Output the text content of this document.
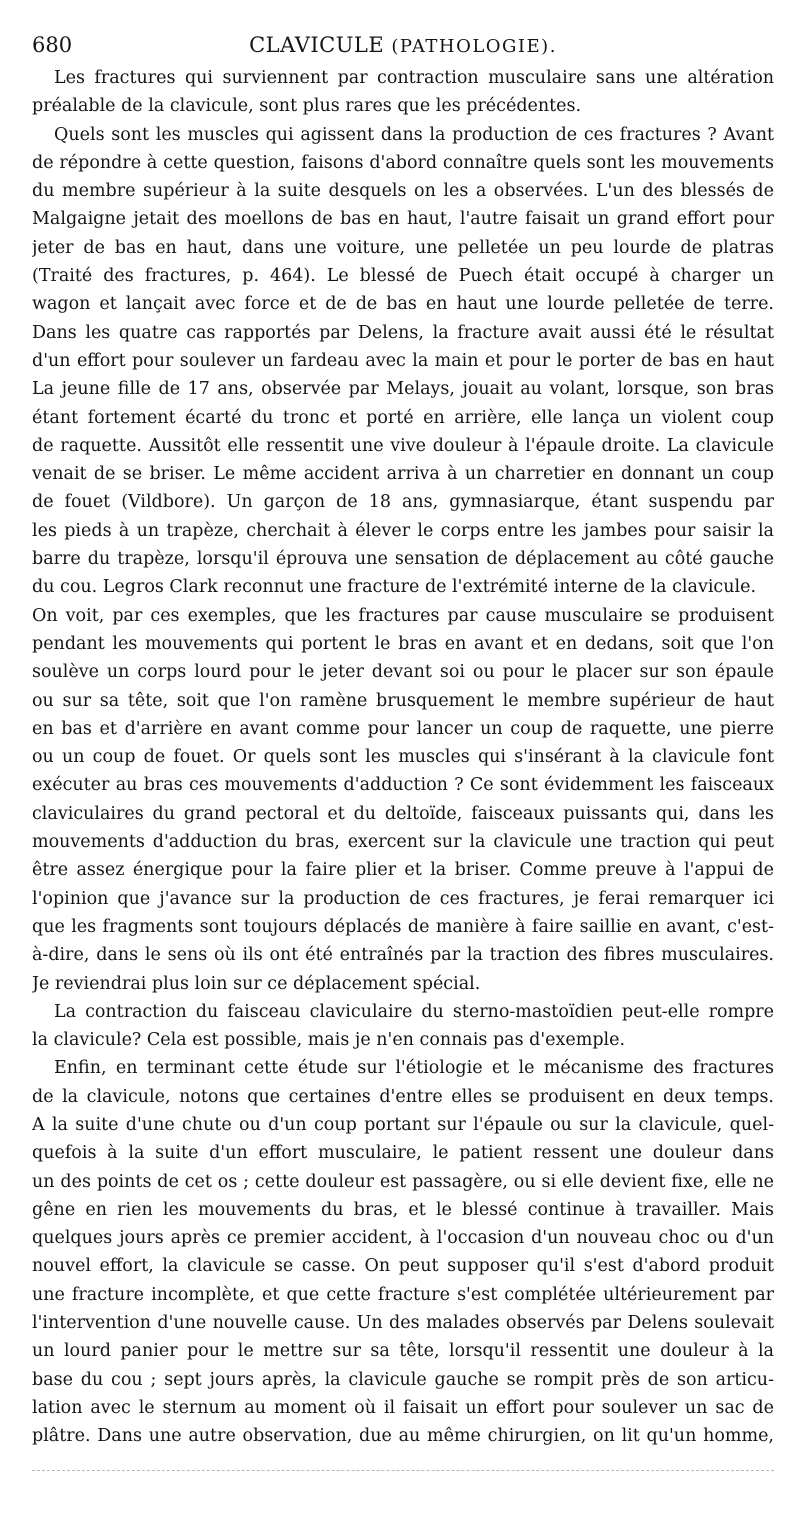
680	CLAVICULE (PATHOLOGIE).
Les fractures qui surviennent par contraction musculaire sans une altération
préalable de la clavicule, sont plus rares que les précédentes.
Quels sont les muscles qui agissent dans la production de ces fractures ? Avant
de répondre à cette question, faisons d'abord connaître quels sont les mouvements
du membre supérieur à la suite desquels on les a observées. L'un des blessés de
Malgaigne jetait des moellons de bas en haut, l'autre faisait un grand effort pour
jeter de bas en haut, dans une voiture, une pelletée un peu lourde de platras
(Traité des fractures, p. 464). Le blessé de Puech était occupé à charger un
wagon et lançait avec force et de de bas en haut une lourde pelletée de terre.
Dans les quatre cas rapportés par Delens, la fracture avait aussi été le résultat
d'un effort pour soulever un fardeau avec la main et pour le porter de bas en haut
La jeune fille de 17 ans, observée par Melays, jouait au volant, lorsque, son bras
étant fortement écarté du tronc et porté en arrière, elle lança un violent coup
de raquette. Aussitôt elle ressentit une vive douleur à l'épaule droite. La clavicule
venait de se briser. Le même accident arriva à un charretier en donnant un coup
de fouet (Vildbore). Un garçon de 18 ans, gymnasiarque, étant suspendu par
les pieds à un trapèze, cherchait à élever le corps entre les jambes pour saisir la
barre du trapèze, lorsqu'il éprouva une sensation de déplacement au côté gauche
du cou. Legros Clark reconnut une fracture de l'extrémité interne de la clavicule.
On voit, par ces exemples, que les fractures par cause musculaire se produisent
pendant les mouvements qui portent le bras en avant et en dedans, soit que l'on
soulève un corps lourd pour le jeter devant soi ou pour le placer sur son épaule
ou sur sa tête, soit que l'on ramène brusquement le membre supérieur de haut
en bas et d'arrière en avant comme pour lancer un coup de raquette, une pierre
ou un coup de fouet. Or quels sont les muscles qui s'insérant à la clavicule font
exécuter au bras ces mouvements d'adduction ? Ce sont évidemment les faisceaux
claviculaires du grand pectoral et du deltoïde, faisceaux puissants qui, dans les
mouvements d'adduction du bras, exercent sur la clavicule une traction qui peut
être assez énergique pour la faire plier et la briser. Comme preuve à l'appui de
l'opinion que j'avance sur la production de ces fractures, je ferai remarquer ici
que les fragments sont toujours déplacés de manière à faire saillie en avant, c'est-
à-dire, dans le sens où ils ont été entraînés par la traction des fibres musculaires.
Je reviendrai plus loin sur ce déplacement spécial.
La contraction du faisceau claviculaire du sterno-mastoïdien peut-elle rompre
la clavicule? Cela est possible, mais je n'en connais pas d'exemple.
Enfin, en terminant cette étude sur l'étiologie et le mécanisme des fractures
de la clavicule, notons que certaines d'entre elles se produisent en deux temps.
A la suite d'une chute ou d'un coup portant sur l'épaule ou sur la clavicule, quel-
quefois à la suite d'un effort musculaire, le patient ressent une douleur dans
un des points de cet os ; cette douleur est passagère, ou si elle devient fixe, elle ne
gêne en rien les mouvements du bras, et le blessé continue à travailler. Mais
quelques jours après ce premier accident, à l'occasion d'un nouveau choc ou d'un
nouvel effort, la clavicule se casse. On peut supposer qu'il s'est d'abord produit
une fracture incomplète, et que cette fracture s'est complétée ultérieurement par
l'intervention d'une nouvelle cause. Un des malades observés par Delens soulevait
un lourd panier pour le mettre sur sa tête, lorsqu'il ressentit une douleur à la
base du cou ; sept jours après, la clavicule gauche se rompit près de son articu-
lation avec le sternum au moment où il faisait un effort pour soulever un sac de
plâtre. Dans une autre observation, due au même chirurgien, on lit qu'un homme,
